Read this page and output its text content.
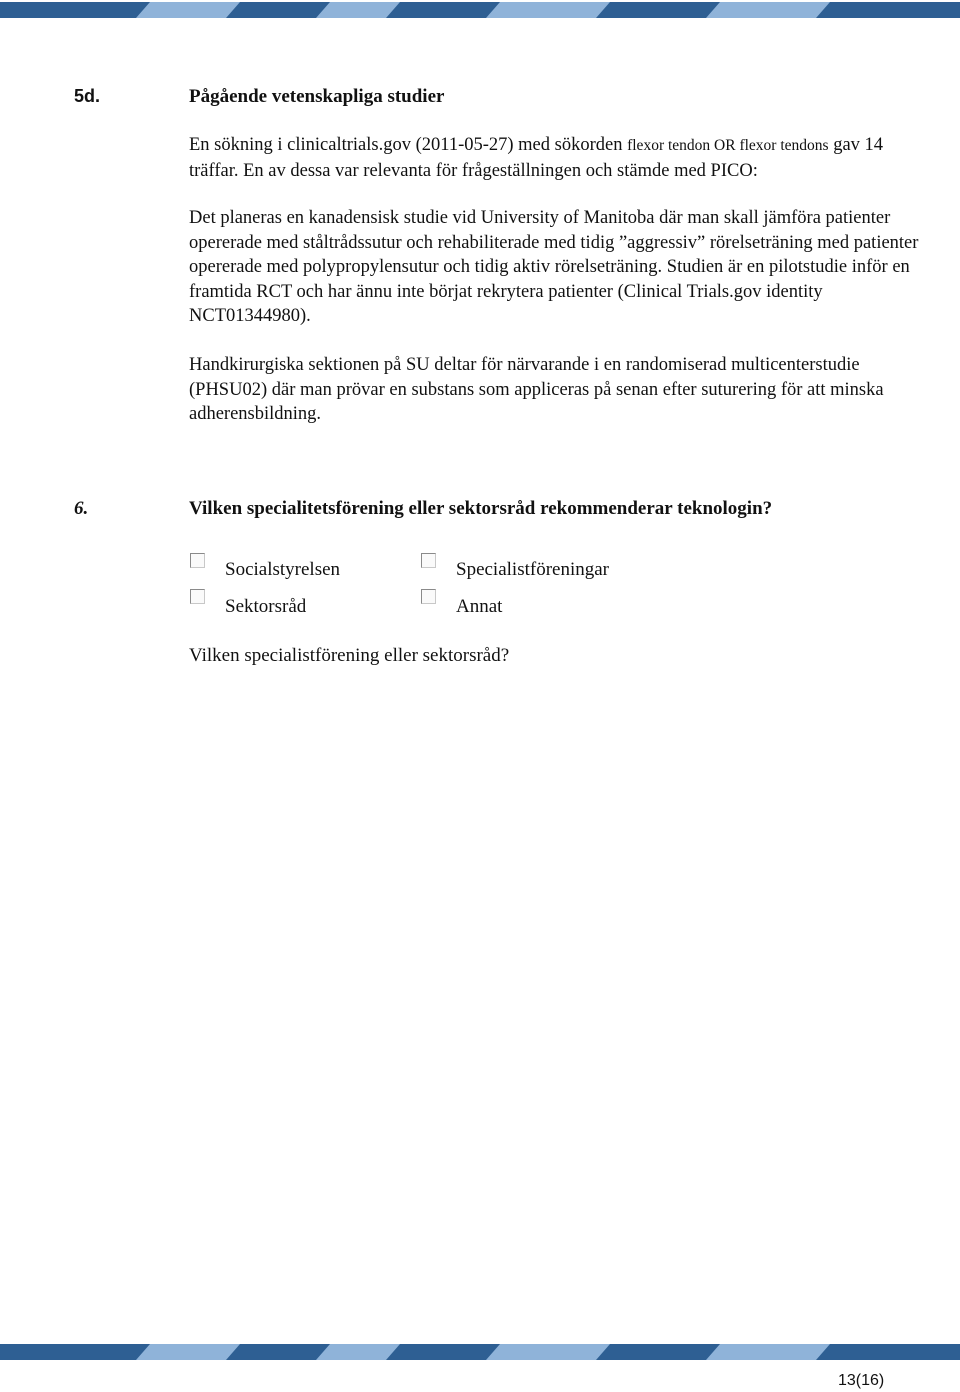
5d.	Pågående vetenskapliga studier

En sökning i clinicaltrials.gov (2011-05-27) med sökorden flexor tendon OR flexor tendons gav 14 träffar. En av dessa var relevanta för frågeställningen och stämde med PICO:

Det planeras en kanadensisk studie vid University of Manitoba där man skall jämföra patienter opererade med ståltrådssutur och rehabiliterade med tidig ”aggressiv” rörelseträning med patienter opererade med polypropylensutur och tidig aktiv rörelseträning. Studien är en pilotstudie inför en framtida RCT och har ännu inte börjat rekrytera patienter (Clinical Trials.gov identity NCT01344980).

Handkirurgiska sektionen på SU deltar för närvarande i en randomiserad multicenterstudie (PHSU02) där man prövar en substans som appliceras på senan efter suturering för att minska adherensbildning.

6.	Vilken specialitetsförening eller sektorsråd rekommenderar teknologin?
Socialstyrelsen	Specialistföreningar
Sektorsråd	Annat
Vilken specialistförening eller sektorsråd?
13(16)
